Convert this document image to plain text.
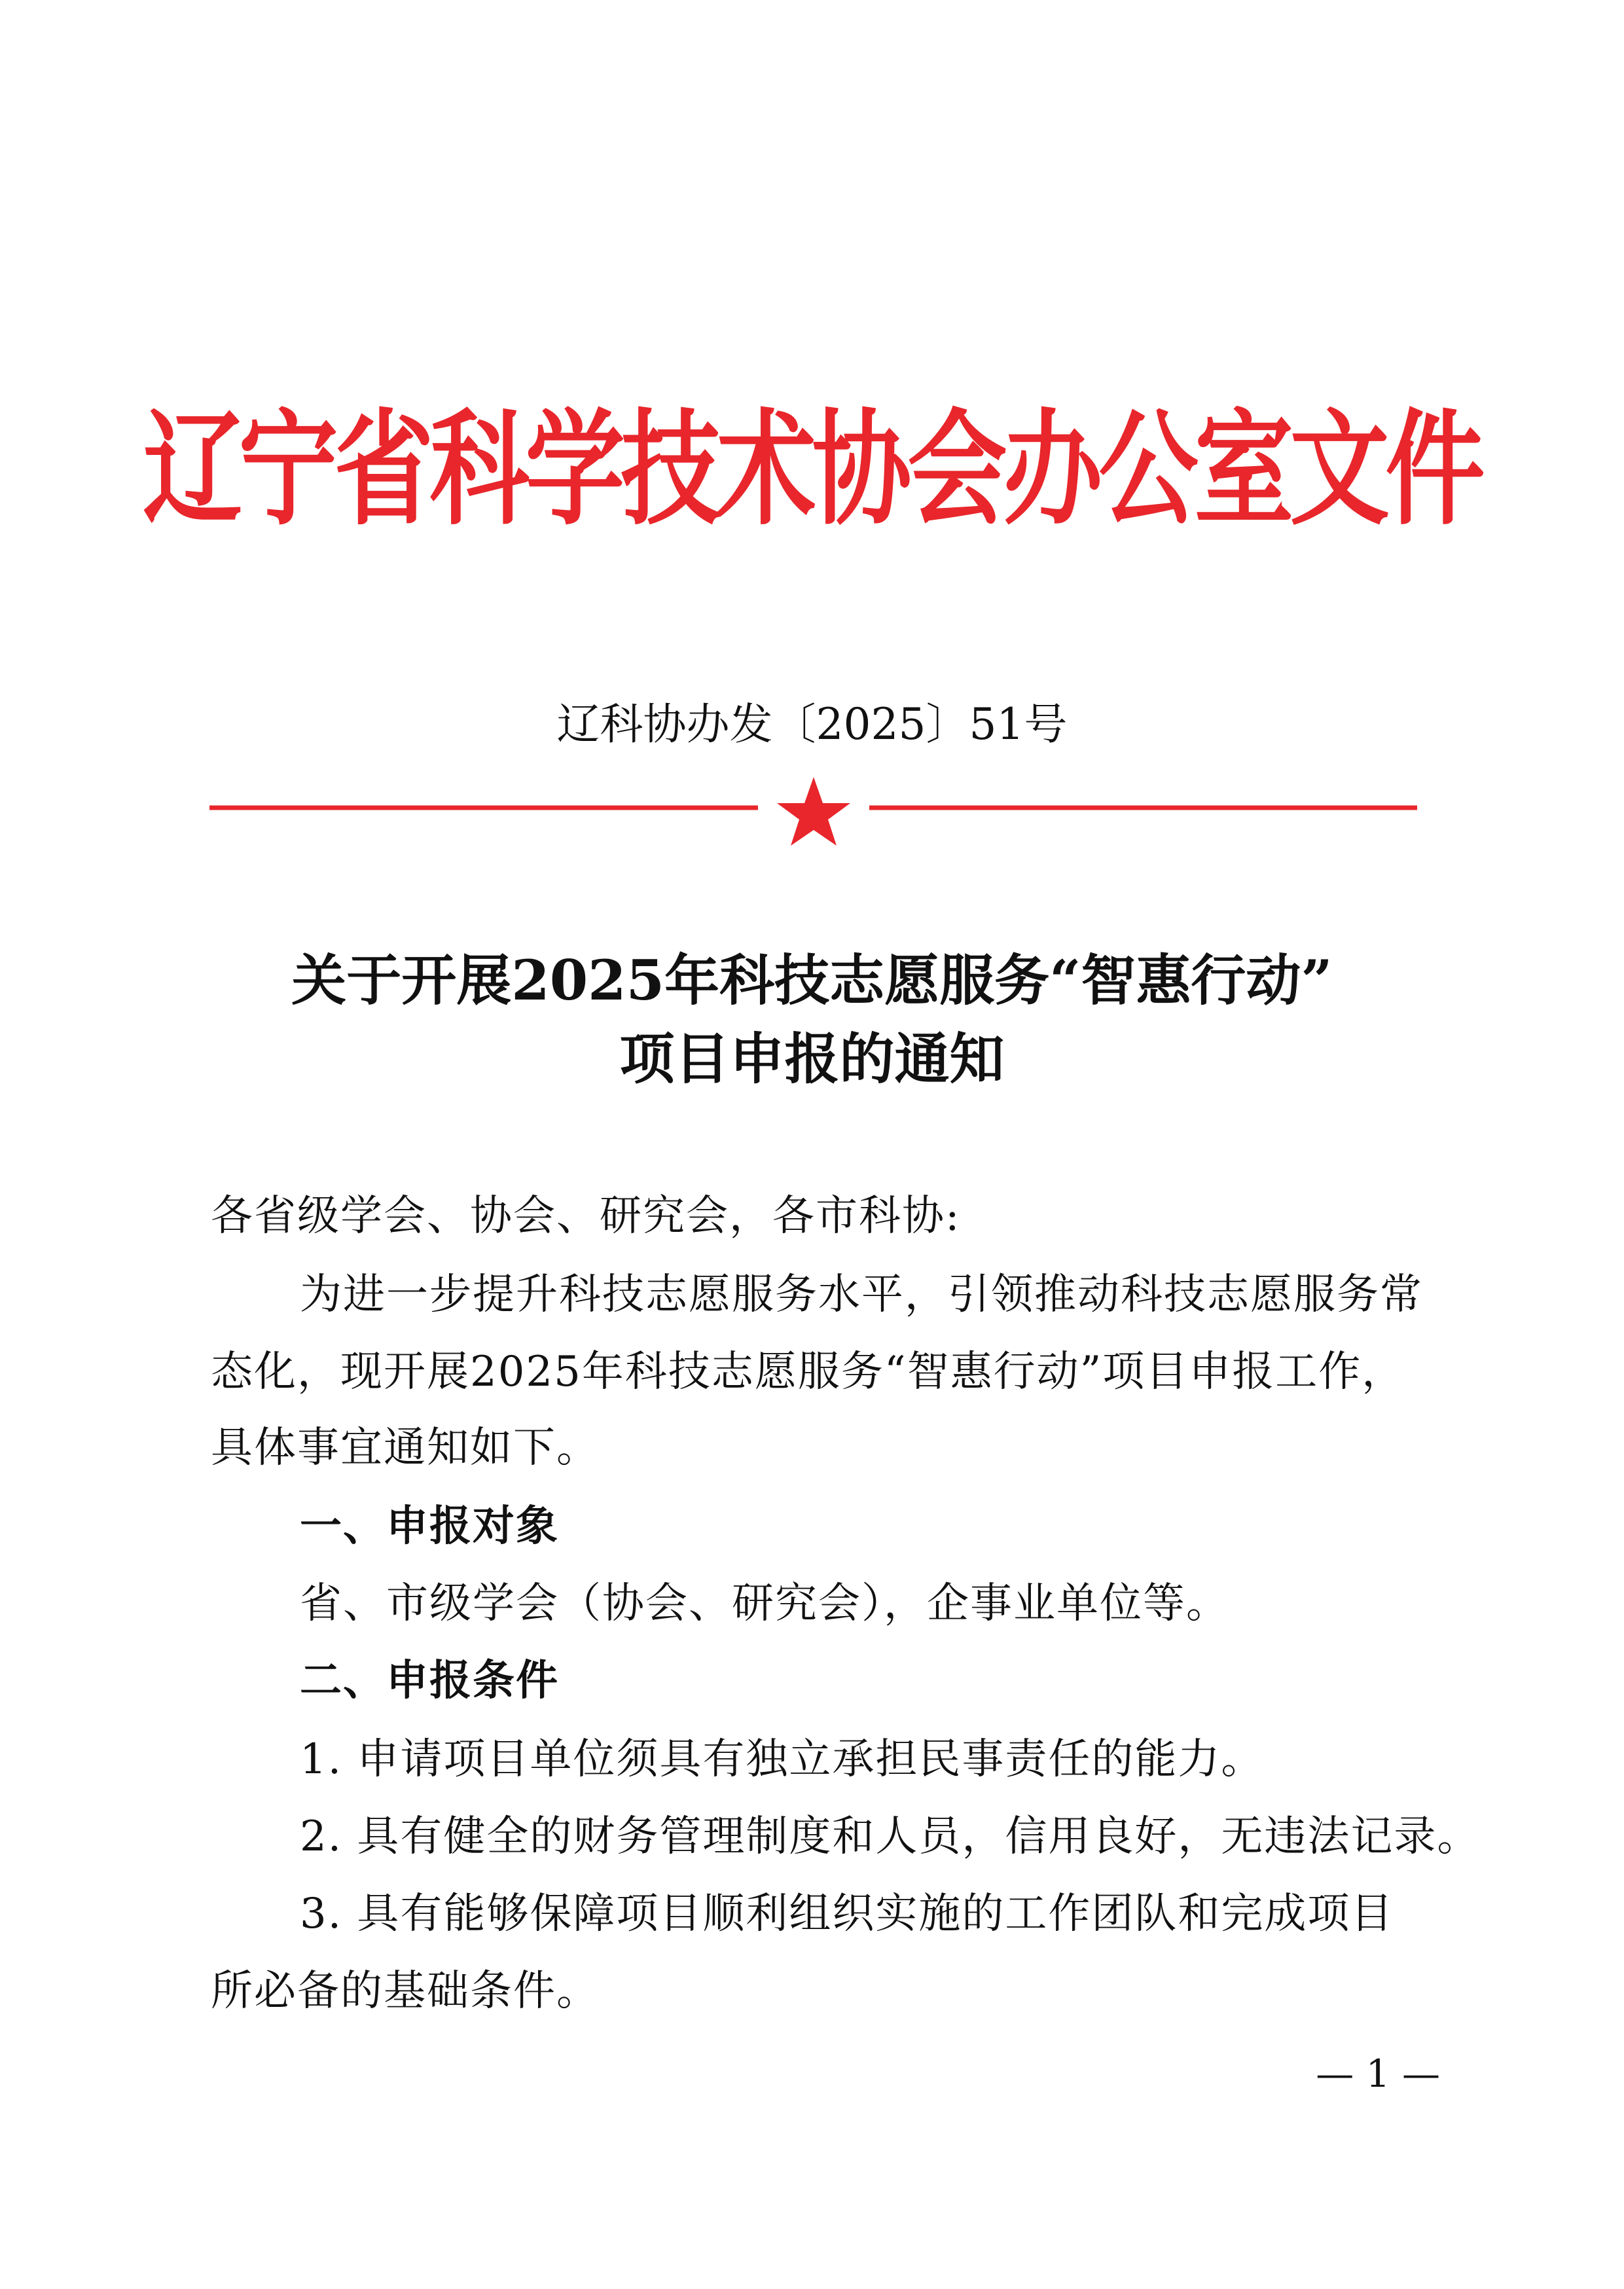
辽宁省科学技术协会办公室文件
辽科协办发〔2025〕51号
关于开展2025年科技志愿服务“智惠行动”
项目申报的通知
各省级学会、协会、研究会，各市科协:
为进一步提升科技志愿服务水平，引领推动科技志愿服务常
态化，现开展2025年科技志愿服务“智惠行动”项目申报工作，
具体事宜通知如下。
一、申报对象
省、市级学会（协会、研究会），企事业单位等。
二、申报条件
1. 申请项目单位须具有独立承担民事责任的能力。
2. 具有健全的财务管理制度和人员，信用良好，无违法记录。
3. 具有能够保障项目顺利组织实施的工作团队和完成项目
所必备的基础条件。
— 1 —
